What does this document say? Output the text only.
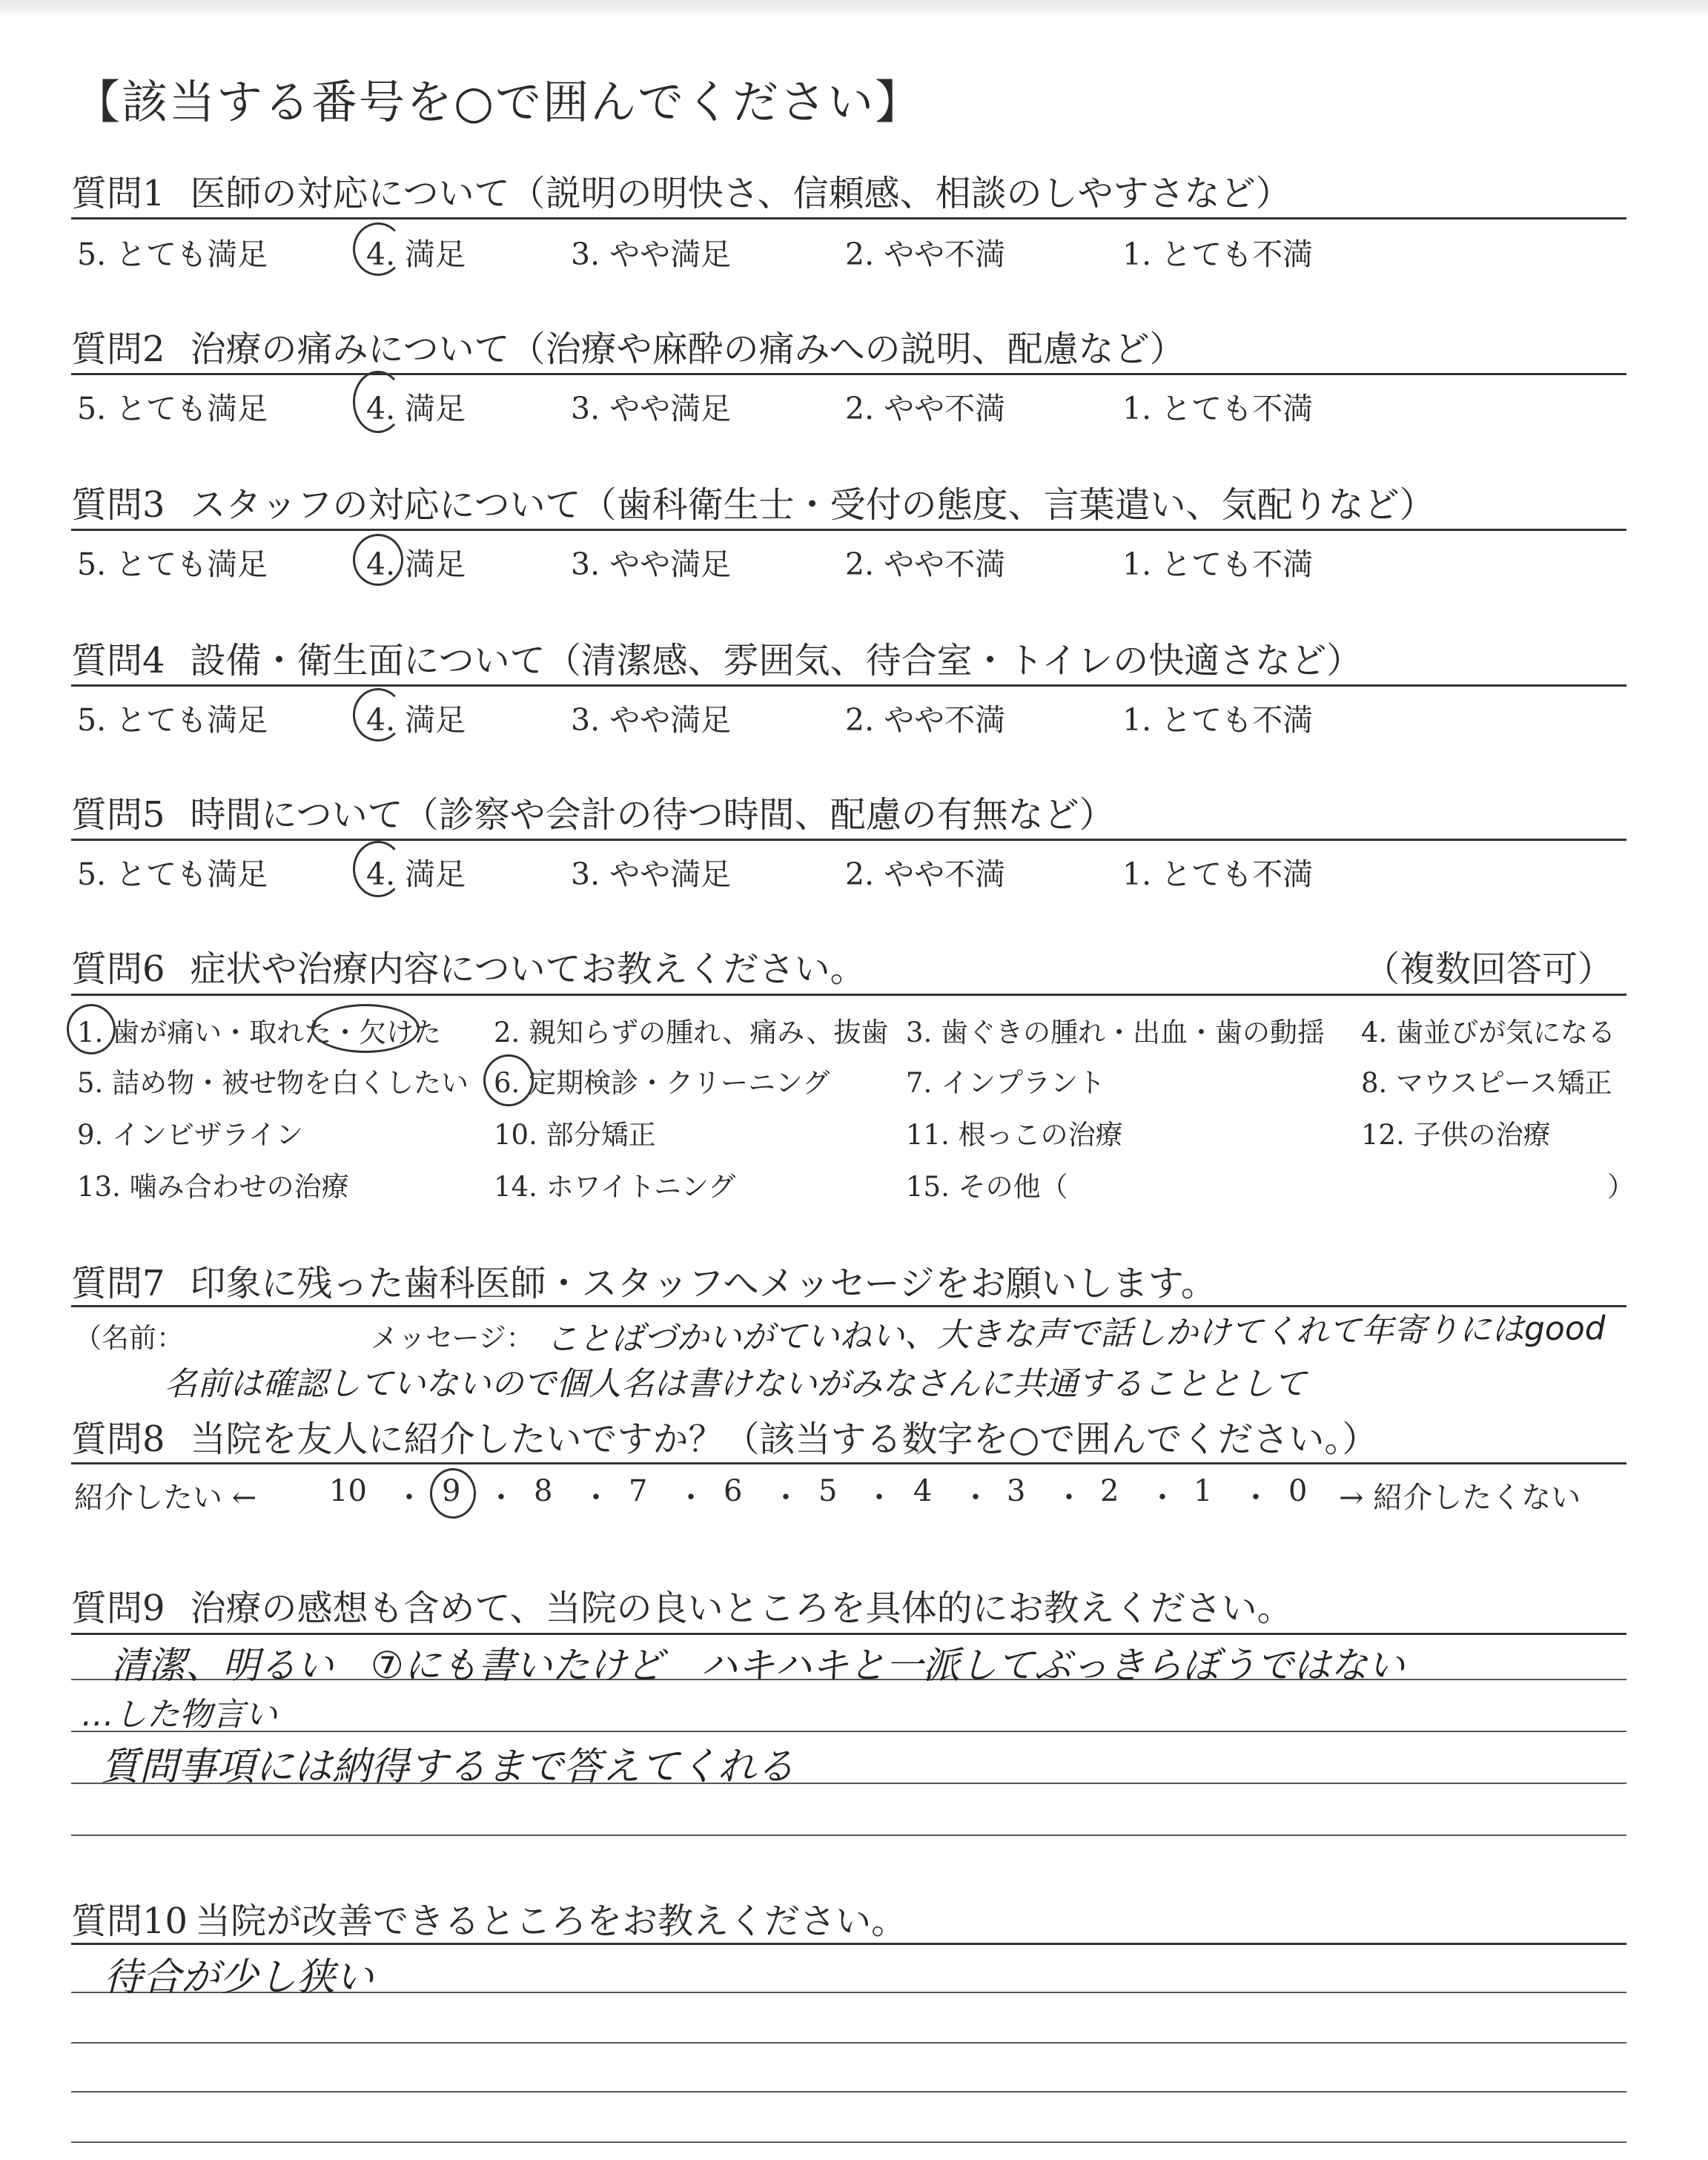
【該当する番号を○で囲んでください】
質問1 医師の対応について（説明の明快さ、信頼感、相談のしやすさなど）
5. とても満足	4. 満足	3. やや満足	2. やや不満	1. とても不満
質問2 治療の痛みについて（治療や麻酔の痛みへの説明、配慮など）
5. とても満足	4. 満足	3. やや満足	2. やや不満	1. とても不満
質問3 スタッフの対応について（歯科衛生士・受付の態度、言葉遣い、気配りなど）
5. とても満足	4. 満足	3. やや満足	2. やや不満	1. とても不満
質問4 設備・衛生面について（清潔感、雰囲気、待合室・トイレの快適さなど）
5. とても満足	4. 満足	3. やや満足	2. やや不満	1. とても不満
質問5 時間について（診察や会計の待つ時間、配慮の有無など）
5. とても満足	4. 満足	3. やや満足	2. やや不満	1. とても不満
質問6 症状や治療内容についてお教えください。	（複数回答可）
1. 歯が痛い・取れた・欠けた 2. 親知らずの腫れ、痛み、抜歯 3. 歯ぐきの腫れ・出血・歯の動揺 4. 歯並びが気になる
5. 詰め物・被せ物を白くしたい 6. 定期検診・クリーニング	7. インプラント	8. マウスピース矯正
9. インビザライン	10. 部分矯正	11. 根っこの治療	12. 子供の治療
13. 噛み合わせの治療	14. ホワイトニング	15. その他（	）
質問7 印象に残った歯科医師・スタッフへメッセージをお願いします。
（名前：	メッセージ： ことばづかいがていねい、大きな声で話しかけてくれて年寄りにはgood
名前は確認していないので個人名は書けないがみなさんに共通することとして
質問8 当院を友人に紹介したいですか？（該当する数字を○で囲んでください。）
紹介したい ← 10 ・ 9 ・ 8 ・ 7 ・ 6 ・ 5 ・ 4 ・ 3 ・ 2 ・ 1 ・ 0 → 紹介したくない
質問9 治療の感想も含めて、当院の良いところを具体的にお教えください。
清潔、明るい　⑦にも書いたけど　ハキハキと一派してぶっきらぼうではない
…した物言い
質問事項には納得するまで答えてくれる
質問10 当院が改善できるところをお教えください。
待合が少し狭い
